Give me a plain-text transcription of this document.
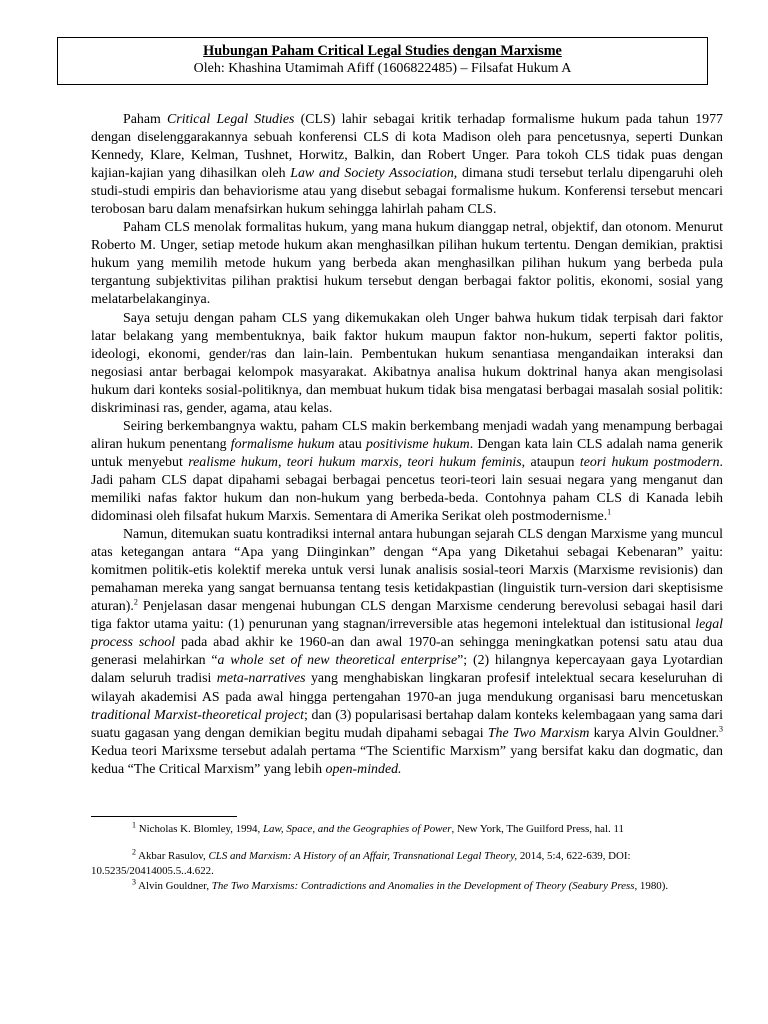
Hubungan Paham Critical Legal Studies dengan Marxisme
Oleh: Khashina Utamimah Afiff (1606822485) – Filsafat Hukum A

Paham Critical Legal Studies (CLS) lahir sebagai kritik terhadap formalisme hukum pada tahun 1977 dengan diselenggarakannya sebuah konferensi CLS di kota Madison oleh para pencetusnya, seperti Dunkan Kennedy, Klare, Kelman, Tushnet, Horwitz, Balkin, dan Robert Unger. Para tokoh CLS tidak puas dengan kajian-kajian yang dihasilkan oleh Law and Society Association, dimana studi tersebut terlalu dipengaruhi oleh studi-studi empiris dan behaviorisme atau yang disebut sebagai formalisme hukum. Konferensi tersebut mencari terobosan baru dalam menafsirkan hukum sehingga lahirlah paham CLS.

Paham CLS menolak formalitas hukum, yang mana hukum dianggap netral, objektif, dan otonom. Menurut Roberto M. Unger, setiap metode hukum akan menghasilkan pilihan hukum tertentu. Dengan demikian, praktisi hukum yang memilih metode hukum yang berbeda akan menghasilkan pilihan hukum yang berbeda pula tergantung subjektivitas pilihan praktisi hukum tersebut dengan berbagai faktor politis, ekonomi, sosial yang melatarbelakanginya.

Saya setuju dengan paham CLS yang dikemukakan oleh Unger bahwa hukum tidak terpisah dari faktor latar belakang yang membentuknya, baik faktor hukum maupun faktor non-hukum, seperti faktor politis, ideologi, ekonomi, gender/ras dan lain-lain. Pembentukan hukum senantiasa mengandaikan interaksi dan negosiasi antar berbagai kelompok masyarakat. Akibatnya analisa hukum doktrinal hanya akan mengisolasi hukum dari konteks sosial-politiknya, dan membuat hukum tidak bisa mengatasi berbagai masalah sosial politik: diskriminasi ras, gender, agama, atau kelas.

Seiring berkembangnya waktu, paham CLS makin berkembang menjadi wadah yang menampung berbagai aliran hukum penentang formalisme hukum atau positivisme hukum. Dengan kata lain CLS adalah nama generik untuk menyebut realisme hukum, teori hukum marxis, teori hukum feminis, ataupun teori hukum postmodern. Jadi paham CLS dapat dipahami sebagai berbagai pencetus teori-teori lain sesuai negara yang menganut dan memiliki nafas faktor hukum dan non-hukum yang berbeda-beda. Contohnya paham CLS di Kanada lebih didominasi oleh filsafat hukum Marxis. Sementara di Amerika Serikat oleh postmodernisme.$^1$

Namun, ditemukan suatu kontradiksi internal antara hubungan sejarah CLS dengan Marxisme yang muncul atas ketegangan antara “Apa yang Diinginkan” dengan “Apa yang Diketahui sebagai Kebenaran” yaitu: komitmen politik-etis kolektif mereka untuk versi lunak analisis sosial-teori Marxis (Marxisme revisionis) dan pemahaman mereka yang sangat bernuansa tentang tesis ketidakpastian (linguistik turn-version dari skeptisisme aturan).$^2$ Penjelasan dasar mengenai hubungan CLS dengan Marxisme cenderung berevolusi sebagai hasil dari tiga faktor utama yaitu: (1) penurunan yang stagnan/irreversible atas hegemoni intelektual dan istitusional legal process school pada abad akhir ke 1960-an dan awal 1970-an sehingga meningkatkan potensi satu atau dua generasi melahirkan “a whole set of new theoretical enterprise”; (2) hilangnya kepercayaan gaya Lyotardian dalam seluruh tradisi meta-narratives yang menghabiskan lingkaran profesif intelektual secara keseluruhan di wilayah akademisi AS pada awal hingga pertengahan 1970-an juga mendukung organisasi baru mencetuskan traditional Marxist-theoretical project; dan (3) popularisasi bertahap dalam konteks kelembagaan yang sama dari suatu gagasan yang dengan demikian begitu mudah dipahami sebagai The Two Marxism karya Alvin Gouldner.$^3$ Kedua teori Marixsme tersebut adalah pertama “The Scientific Marxism” yang bersifat kaku dan dogmatic, dan kedua “The Critical Marxism” yang lebih open-minded.

$^1$ Nicholas K. Blomley, 1994, Law, Space, and the Geographies of Power, New York, The Guilford Press, hal. 11

$^2$ Akbar Rasulov, CLS and Marxism: A History of an Affair, Transnational Legal Theory, 2014, 5:4, 622-639, DOI: 10.5235/20414005.5..4.622.

$^3$ Alvin Gouldner, The Two Marxisms: Contradictions and Anomalies in the Development of Theory (Seabury Press, 1980).
